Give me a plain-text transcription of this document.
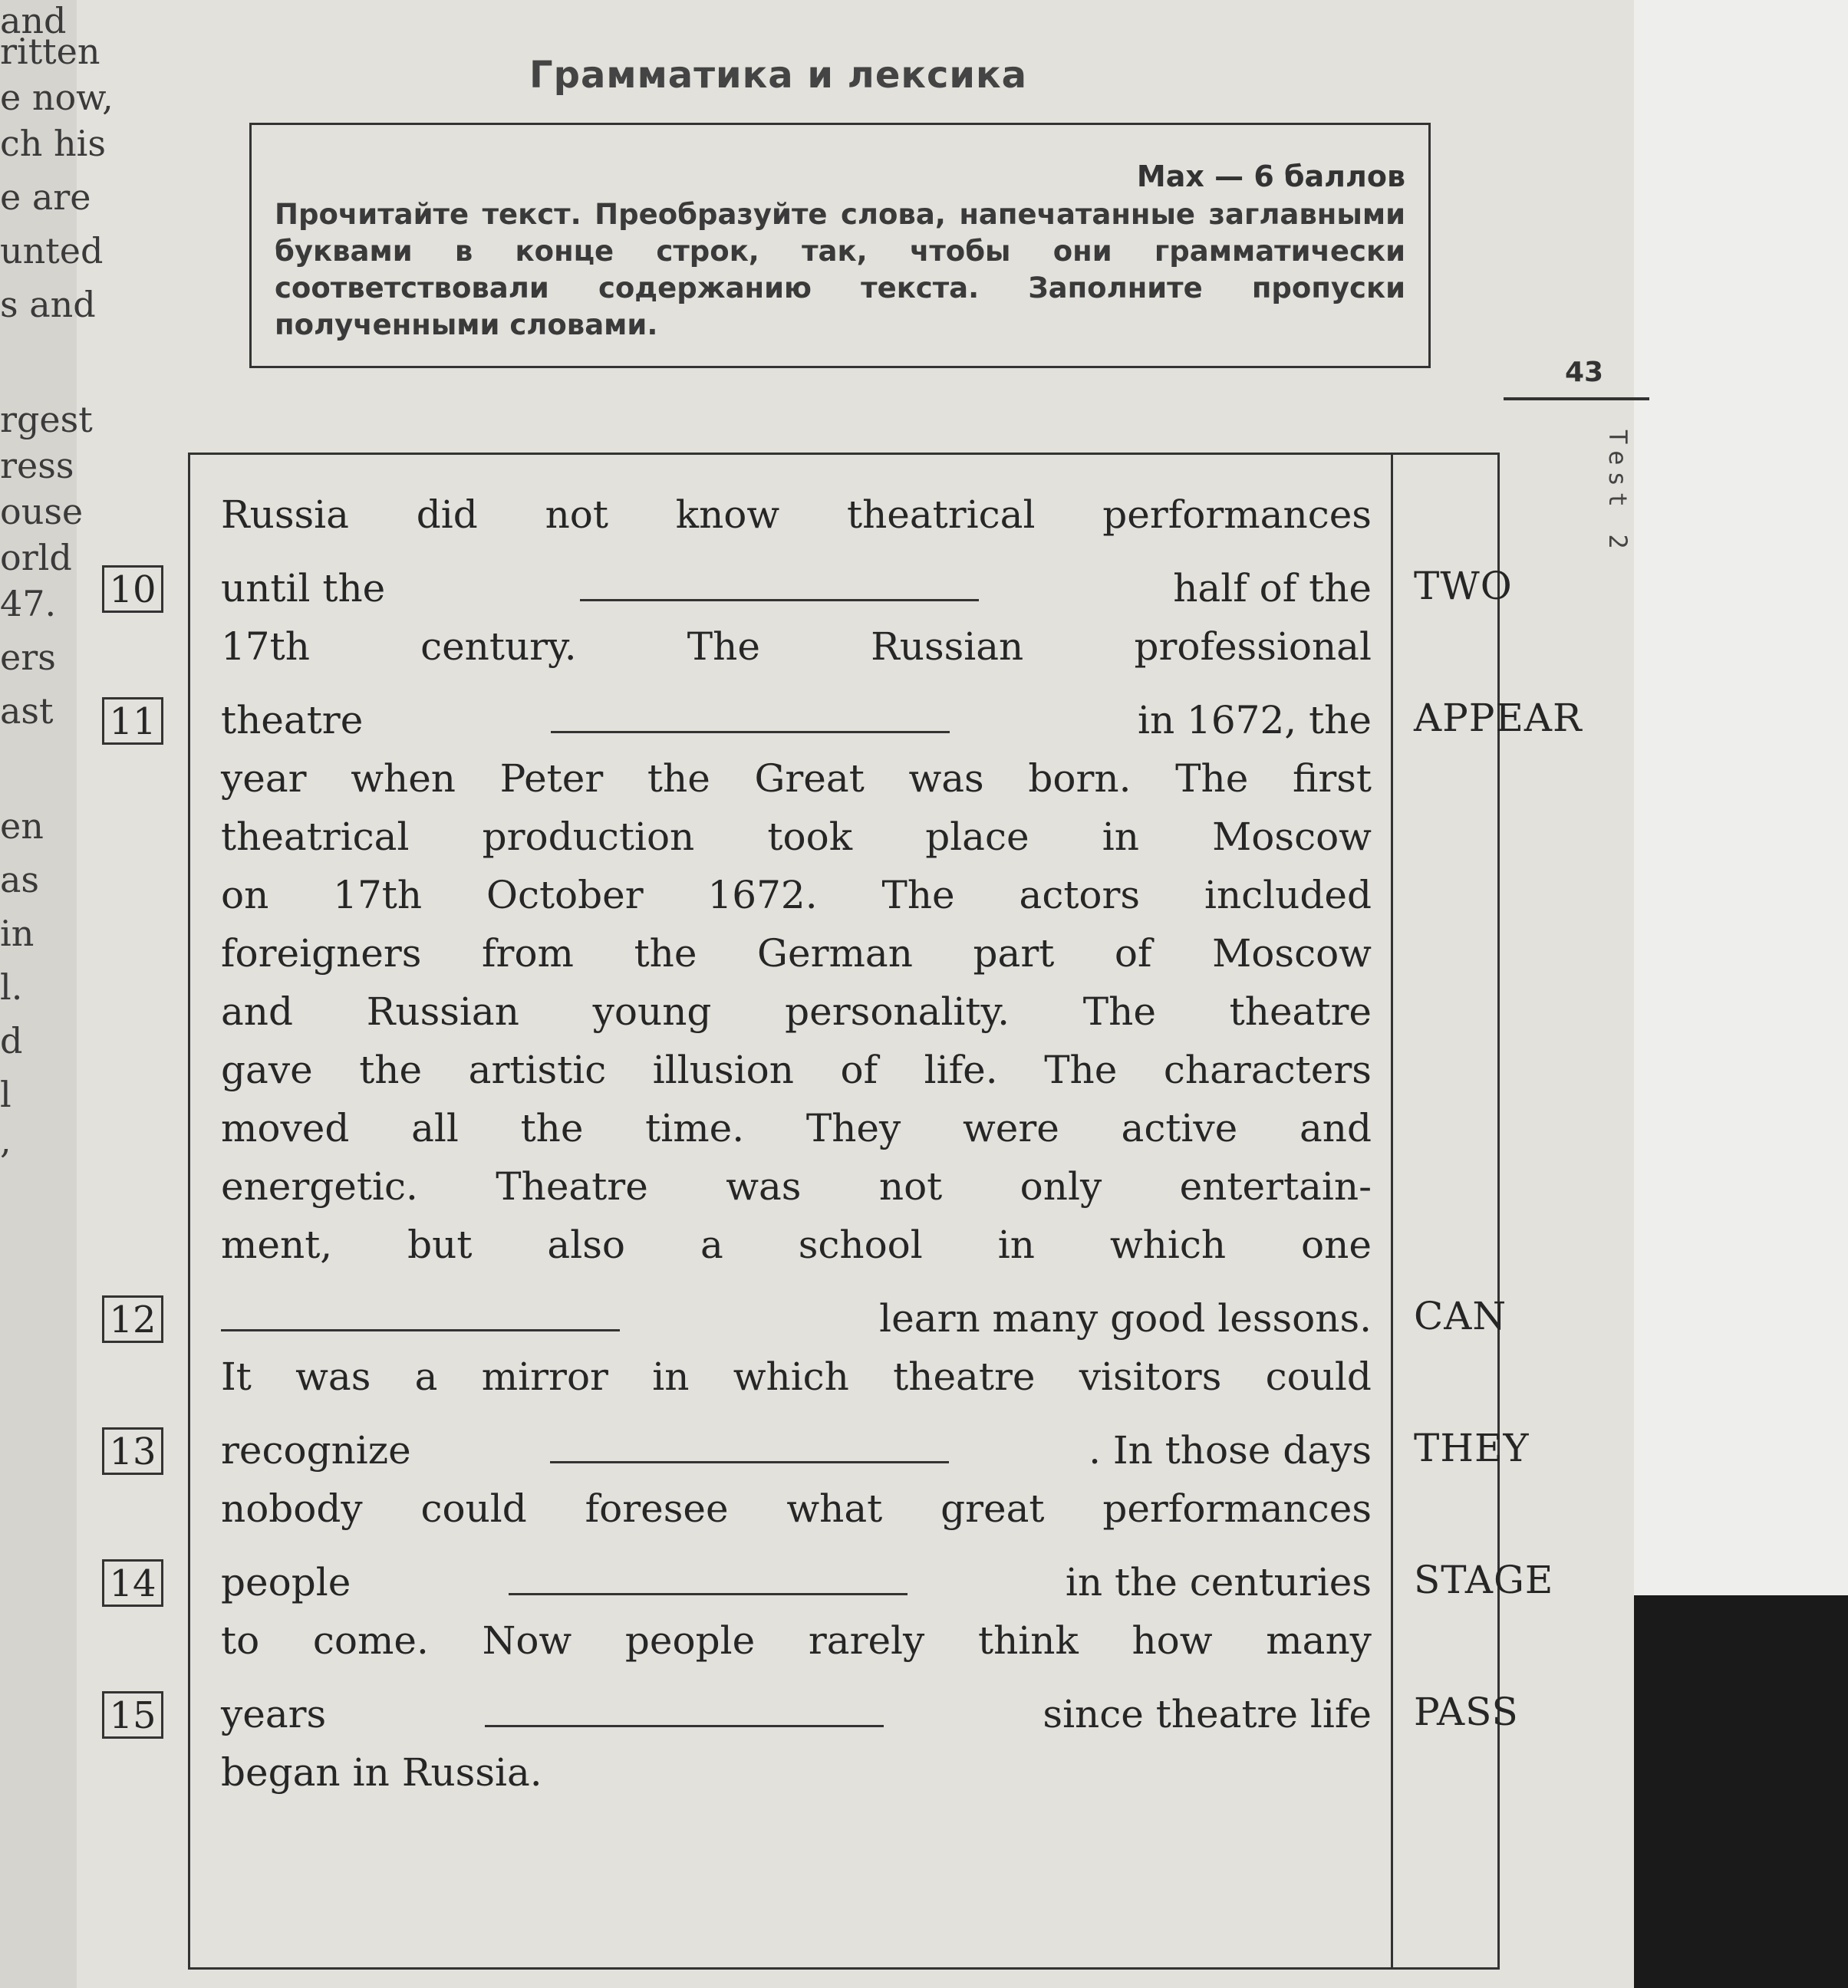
and
ritten
e now,
ch his
e are
unted
s and
rgest
ress
ouse
orld
47.
ers
ast
en
as
in
l.
d
l
,
Грамматика и лексика
Max — 6 баллов
Прочитайте текст. Преобразуйте слова, напечатанные заглавными буквами в конце строк, так, чтобы они грамматически соответствовали содержанию текста. Заполните пропуски полученными словами.
43
Test 2
Russia did not know theatrical performances
until the	half of the
17th	century.	The	Russian	professional
theatre	in 1672, the
year when Peter the Great was born. The first
theatrical production took place in Moscow
on 17th October 1672. The actors included
foreigners from the German part of Moscow
and Russian young personality. The theatre
gave the artistic illusion of life. The characters
moved all the time. They were active and
energetic. Theatre was not only entertain-
ment, but also a school in which one
learn many good lessons.
It was a mirror in which theatre visitors could
recognize	. In those days
nobody could foresee what great performances
people	in the centuries
to come. Now people rarely think how many
years	since theatre life
began in Russia.
10	TWO
11	APPEAR
12	CAN
13	THEY
14	STAGE
15	PASS
